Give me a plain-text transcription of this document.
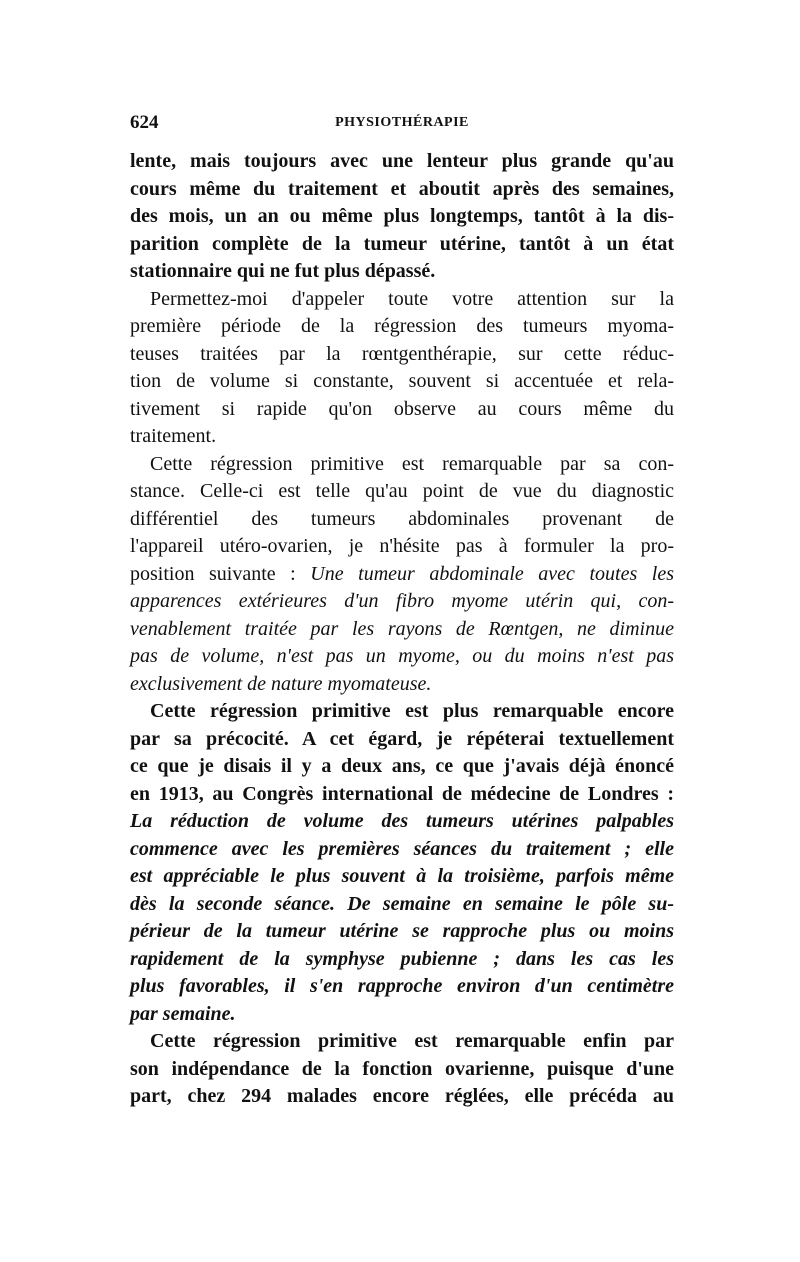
624	PHYSIOTHÉRAPIE
lente, mais toujours avec une lenteur plus grande qu'au
cours même du traitement et aboutit après des semaines,
des mois, un an ou même plus longtemps, tantôt à la dis-
parition complète de la tumeur utérine, tantôt à un état
stationnaire qui ne fut plus dépassé.
Permettez-moi d'appeler toute votre attention sur la
première période de la régression des tumeurs myoma-
teuses traitées par la rœntgenthérapie, sur cette réduc-
tion de volume si constante, souvent si accentuée et rela-
tivement si rapide qu'on observe au cours même du
traitement.
Cette régression primitive est remarquable par sa con-
stance. Celle-ci est telle qu'au point de vue du diagnostic
différentiel des tumeurs abdominales provenant de
l'appareil utéro-ovarien, je n'hésite pas à formuler la pro-
position suivante : Une tumeur abdominale avec toutes les
apparences extérieures d'un fibro myome utérin qui, con-
venablement traitée par les rayons de Rœntgen, ne diminue
pas de volume, n'est pas un myome, ou du moins n'est pas
exclusivement de nature myomateuse.
Cette régression primitive est plus remarquable encore
par sa précocité. A cet égard, je répéterai textuellement
ce que je disais il y a deux ans, ce que j'avais déjà énoncé
en 1913, au Congrès international de médecine de Londres :
La réduction de volume des tumeurs utérines palpables
commence avec les premières séances du traitement ; elle
est appréciable le plus souvent à la troisième, parfois même
dès la seconde séance. De semaine en semaine le pôle su-
périeur de la tumeur utérine se rapproche plus ou moins
rapidement de la symphyse pubienne ; dans les cas les
plus favorables, il s'en rapproche environ d'un centimètre
par semaine.
Cette régression primitive est remarquable enfin par
son indépendance de la fonction ovarienne, puisque d'une
part, chez 294 malades encore réglées, elle précéda au
